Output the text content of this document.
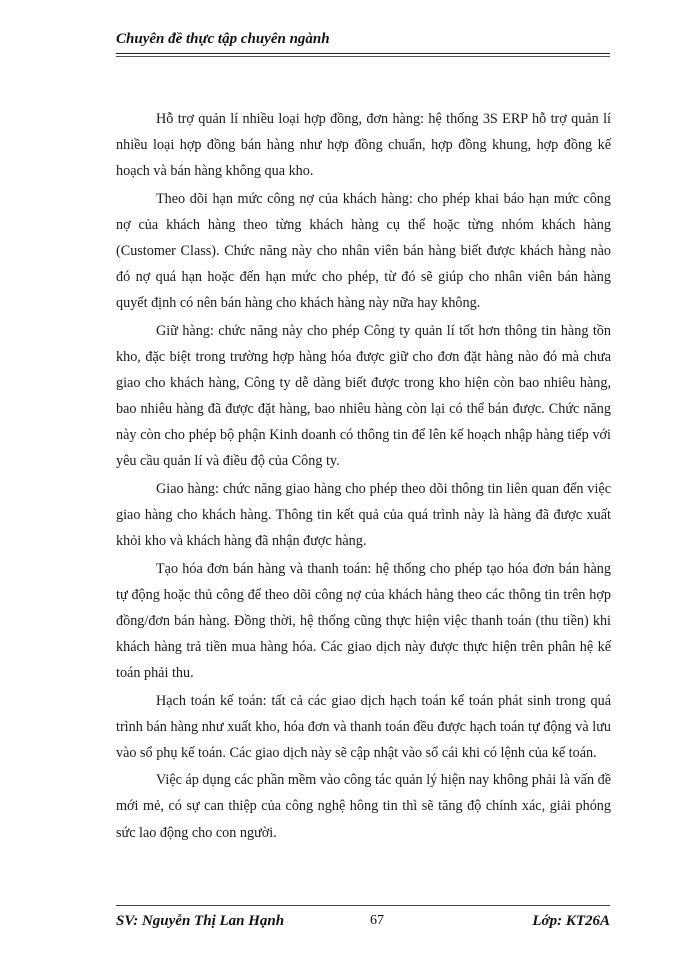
Chuyên đề thực tập chuyên ngành

Hỗ trợ quản lí nhiều loại hợp đồng, đơn hàng: hệ thống 3S ERP hỗ trợ quản lí nhiều loại hợp đồng bán hàng như hợp đồng chuẩn, hợp đồng khung, hợp đồng kế hoạch và bán hàng không qua kho.

Theo dõi hạn mức công nợ của khách hàng: cho phép khai báo hạn mức công nợ của khách hàng theo từng khách hàng cụ thể hoặc từng nhóm khách hàng (Customer Class). Chức năng này cho nhân viên bán hàng biết được khách hàng nào đó nợ quá hạn hoặc đến hạn mức cho phép, từ đó sẽ giúp cho nhân viên bán hàng quyết định có nên bán hàng cho khách hàng này nữa hay không.

Giữ hàng: chức năng này cho phép Công ty quản lí tốt hơn thông tin hàng tồn kho, đặc biệt trong trường hợp hàng hóa được giữ cho đơn đặt hàng nào đó mà chưa giao cho khách hàng, Công ty dễ dàng biết được trong kho hiện còn bao nhiêu hàng, bao nhiêu hàng đã được đặt hàng, bao nhiêu hàng còn lại có thể bán được. Chức năng này còn cho phép bộ phận Kinh doanh có thông tin để lên kế hoạch nhập hàng tiếp với yêu cầu quản lí và điều độ của Công ty.

Giao hàng: chức năng giao hàng cho phép theo dõi thông tin liên quan đến việc giao hàng cho khách hàng. Thông tin kết quả của quá trình này là hàng đã được xuất khỏi kho và khách hàng đã nhận được hàng.

Tạo hóa đơn bán hàng và thanh toán: hệ thống cho phép tạo hóa đơn bán hàng tự động hoặc thủ công để theo dõi công nợ của khách hàng theo các thông tin trên hợp đồng/đơn bán hàng. Đồng thời, hệ thống cũng thực hiện việc thanh toán (thu tiền) khi khách hàng trả tiền mua hàng hóa. Các giao dịch này được thực hiện trên phân hệ kế toán phải thu.

Hạch toán kế toán: tất cả các giao dịch hạch toán kế toán phát sinh trong quá trình bán hàng như xuất kho, hóa đơn và thanh toán đều được hạch toán tự động và lưu vào sổ phụ kế toán. Các giao dịch này sẽ cập nhật vào sổ cái khi có lệnh của kế toán.

Việc áp dụng các phần mềm vào công tác quản lý hiện nay không phải là vấn đề mới mẻ, có sự can thiệp của công nghệ hông tin thì sẽ tăng độ chính xác, giải phóng sức lao động cho con người.

SV: Nguyễn Thị Lan Hạnh	67	Lớp: KT26A
